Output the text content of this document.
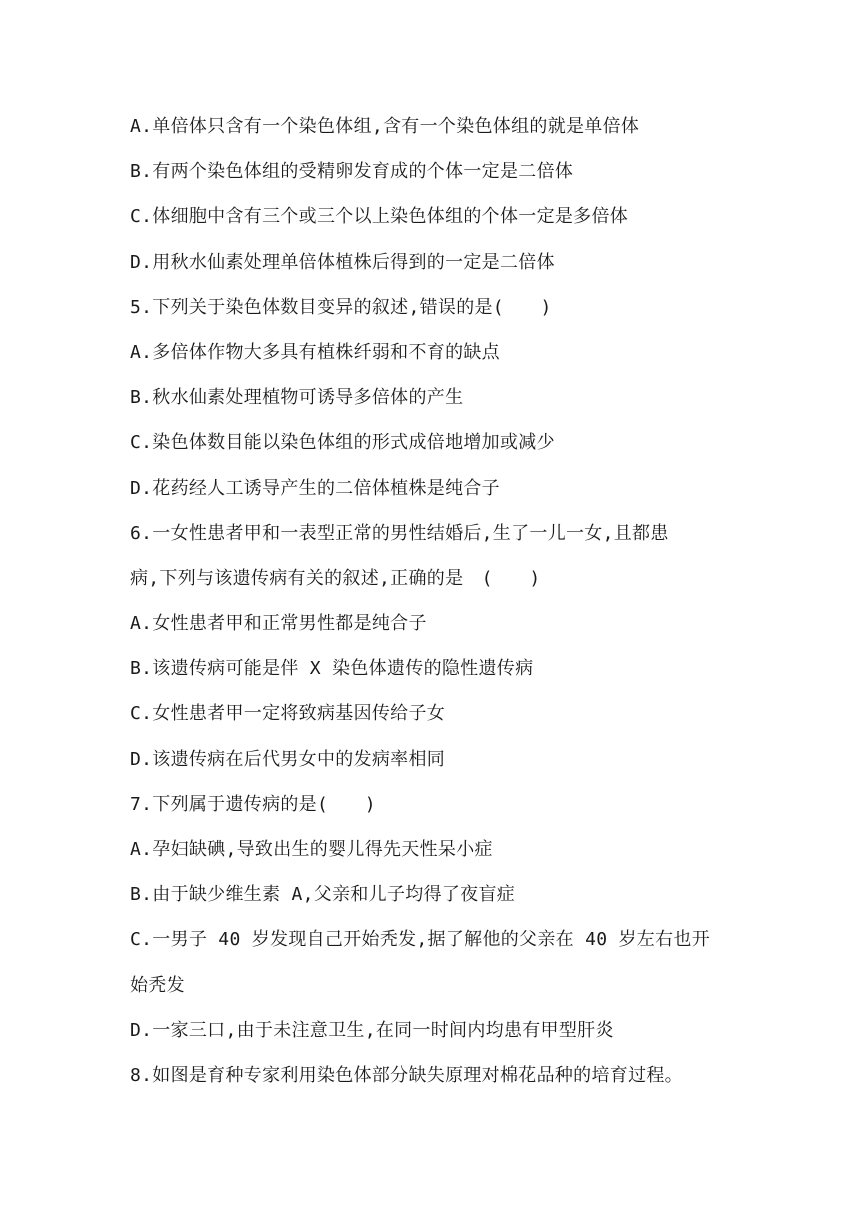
A.单倍体只含有一个染色体组,含有一个染色体组的就是单倍体
B.有两个染色体组的受精卵发育成的个体一定是二倍体
C.体细胞中含有三个或三个以上染色体组的个体一定是多倍体
D.用秋水仙素处理单倍体植株后得到的一定是二倍体
5.下列关于染色体数目变异的叙述,错误的是(　　)
A.多倍体作物大多具有植株纤弱和不育的缺点
B.秋水仙素处理植物可诱导多倍体的产生
C.染色体数目能以染色体组的形式成倍地增加或减少
D.花药经人工诱导产生的二倍体植株是纯合子
6.一女性患者甲和一表型正常的男性结婚后,生了一儿一女,且都患
病,下列与该遗传病有关的叙述,正确的是　(　　)
A.女性患者甲和正常男性都是纯合子
B.该遗传病可能是伴 X 染色体遗传的隐性遗传病
C.女性患者甲一定将致病基因传给子女
D.该遗传病在后代男女中的发病率相同
7.下列属于遗传病的是(　　)
A.孕妇缺碘,导致出生的婴儿得先天性呆小症
B.由于缺少维生素 A,父亲和儿子均得了夜盲症
C.一男子 40 岁发现自己开始秃发,据了解他的父亲在 40 岁左右也开
始秃发
D.一家三口,由于未注意卫生,在同一时间内均患有甲型肝炎
8.如图是育种专家利用染色体部分缺失原理对棉花品种的培育过程。
